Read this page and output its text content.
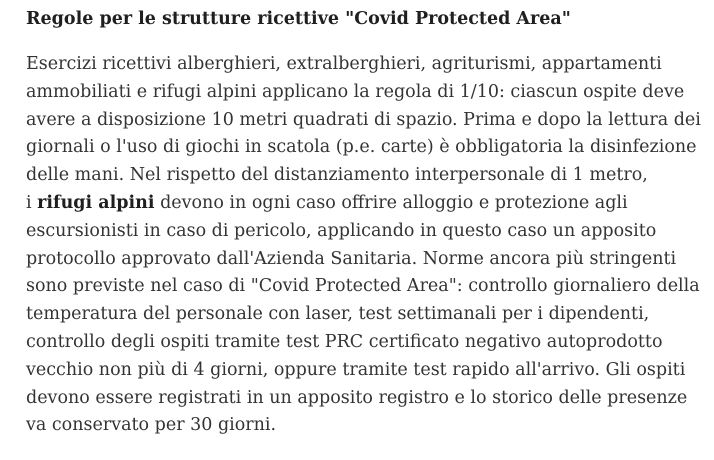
Regole per le strutture ricettive "Covid Protected Area"
Esercizi ricettivi alberghieri, extralberghieri, agriturismi, appartamenti
ammobiliati e rifugi alpini applicano la regola di 1/10: ciascun ospite deve
avere a disposizione 10 metri quadrati di spazio. Prima e dopo la lettura dei
giornali o l'uso di giochi in scatola (p.e. carte) è obbligatoria la disinfezione
delle mani. Nel rispetto del distanziamento interpersonale di 1 metro,
i rifugi alpini devono in ogni caso offrire alloggio e protezione agli
escursionisti in caso di pericolo, applicando in questo caso un apposito
protocollo approvato dall'Azienda Sanitaria. Norme ancora più stringenti
sono previste nel caso di "Covid Protected Area": controllo giornaliero della
temperatura del personale con laser, test settimanali per i dipendenti,
controllo degli ospiti tramite test PRC certificato negativo autoprodotto
vecchio non più di 4 giorni, oppure tramite test rapido all'arrivo. Gli ospiti
devono essere registrati in un apposito registro e lo storico delle presenze
va conservato per 30 giorni.
